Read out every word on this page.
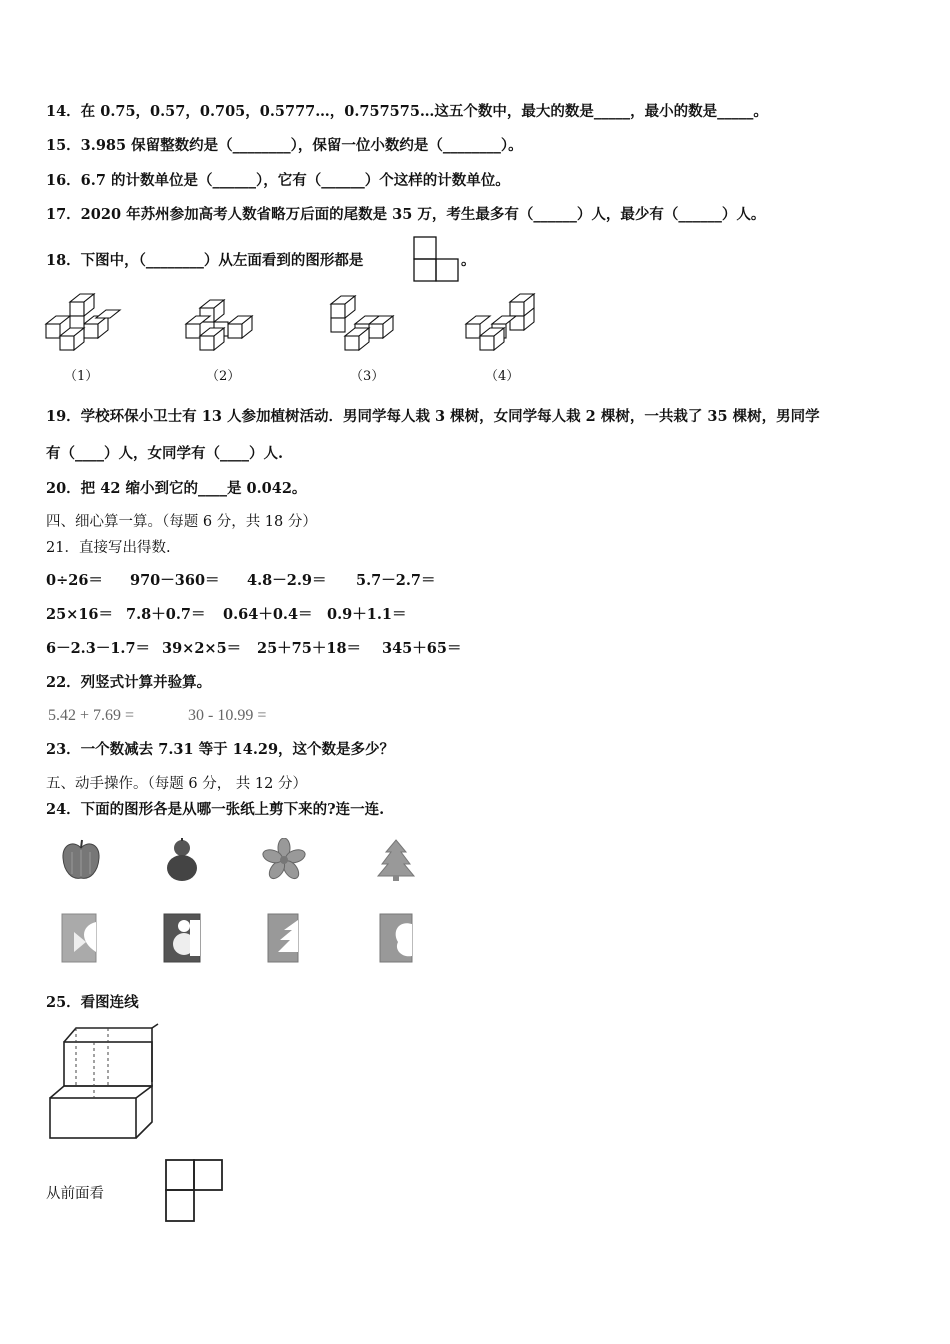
14．在 0.75，0.57，0.705，0.5777…，0.757575…这五个数中，最大的数是_____，最小的数是_____。
15．3.985 保留整数约是（________），保留一位小数约是（________）。
16．6.7 的计数单位是（______），它有（______）个这样的计数单位。
17．2020 年苏州参加高考人数省略万后面的尾数是 35 万，考生最多有（______）人，最少有（______）人。
18．下图中，（________）从左面看到的图形都是	。
（1）	（2）	（3）	（4）
19．学校环保小卫士有 13 人参加植树活动．男同学每人栽 3 棵树，女同学每人栽 2 棵树，一共栽了 35 棵树，男同学
有（____）人，女同学有（____）人.
20．把 42 缩小到它的____是 0.042。
四、细心算一算。（每题 6 分，共 18 分）
21．直接写出得数.
0÷26＝ 970－360＝ 4.8－2.9＝ 5.7－2.7＝
25×16＝ 7.8＋0.7＝ 0.64＋0.4＝ 0.9＋1.1＝
6－2.3－1.7＝ 39×2×5＝ 25＋75＋18＝ 345＋65＝
22．列竖式计算并验算。
5.42 + 7.69 =	30 - 10.99 =
23．一个数减去 7.31 等于 14.29，这个数是多少？
五、动手操作。（每题 6 分， 共 12 分）
24．下面的图形各是从哪一张纸上剪下来的?连一连.
25．看图连线
从前面看
